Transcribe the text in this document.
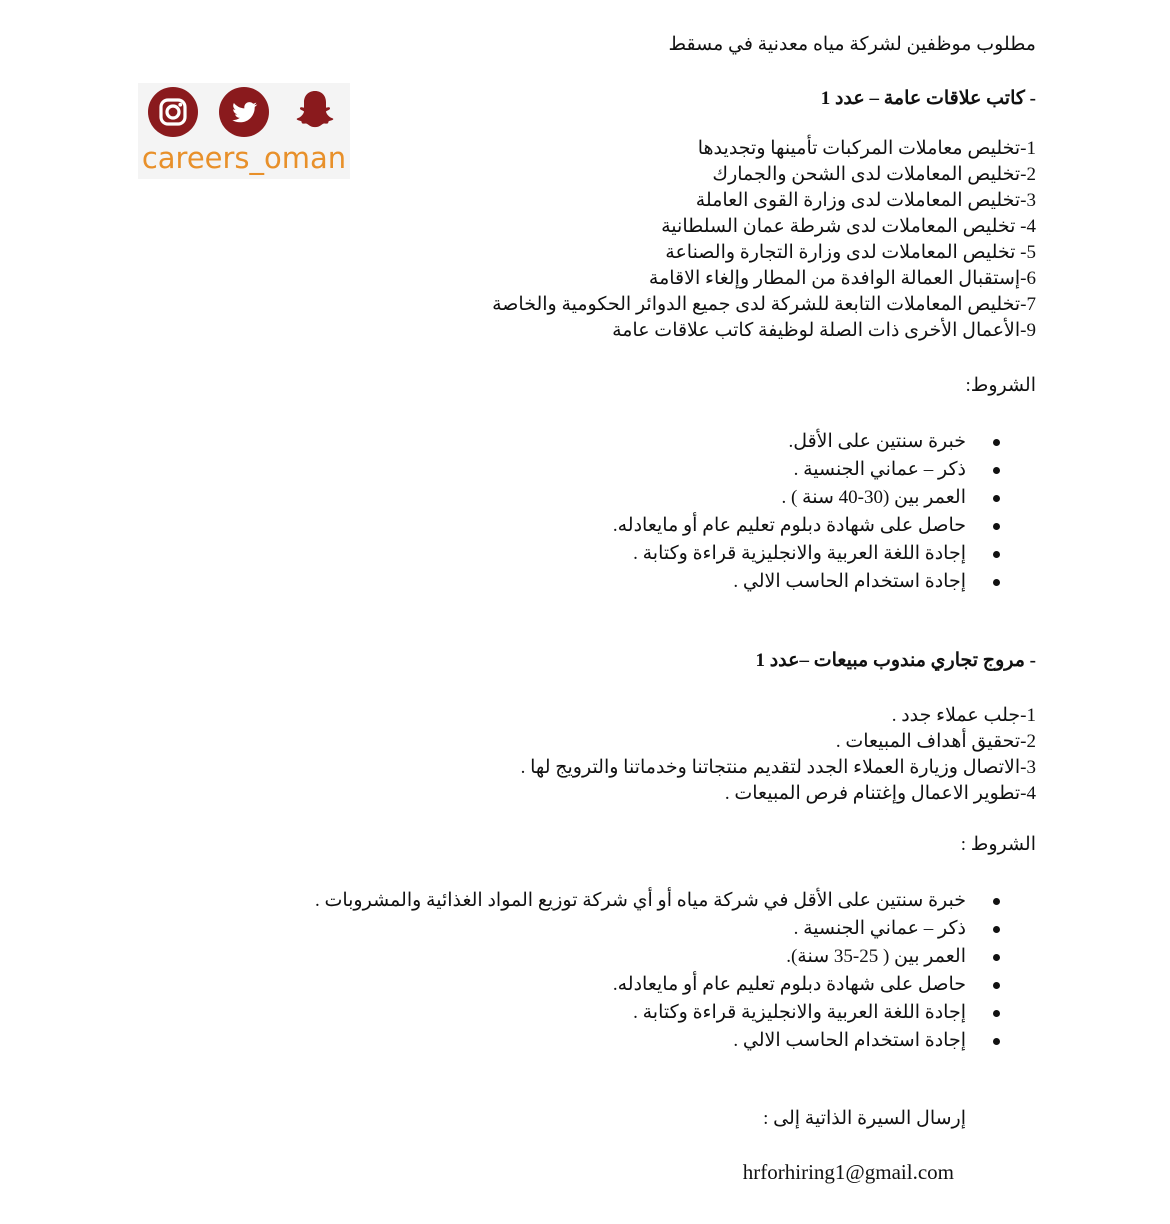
careers_oman
مطلوب موظفين لشركة مياه معدنية في مسقط
- كاتب علاقات عامة – عدد 1
1-تخليص معاملات المركبات تأمينها وتجديدها
2-تخليص المعاملات لدى الشحن والجمارك
3-تخليص المعاملات لدى وزارة القوى العاملة
4- تخليص المعاملات لدى شرطة عمان السلطانية
5- تخليص المعاملات لدى وزارة التجارة والصناعة
6-إستقبال العمالة الوافدة من المطار وإلغاء الاقامة
7-تخليص المعاملات التابعة للشركة لدى جميع الدوائر الحكومية والخاصة
9-الأعمال الأخرى ذات الصلة لوظيفة كاتب علاقات عامة
الشروط:
خبرة سنتين على الأقل.
ذكر – عماني الجنسية .
العمر بين (30-40 سنة ) .
حاصل على شهادة دبلوم تعليم عام أو مايعادله.
إجادة اللغة العربية والانجليزية قراءة وكتابة .
إجادة استخدام الحاسب الالي .
- مروج تجاري مندوب مبيعات –عدد 1
1-جلب عملاء جدد .
2-تحقيق أهداف المبيعات .
3-الاتصال وزيارة العملاء الجدد لتقديم منتجاتنا وخدماتنا والترويج لها .
4-تطوير الاعمال وإغتنام فرص المبيعات .
الشروط :
خبرة سنتين على الأقل في شركة مياه أو أي شركة توزيع المواد الغذائية والمشروبات .
ذكر – عماني الجنسية .
العمر بين ( 25-35 سنة).
حاصل على شهادة دبلوم تعليم عام أو مايعادله.
إجادة اللغة العربية والانجليزية قراءة وكتابة .
إجادة استخدام الحاسب الالي .
إرسال السيرة الذاتية إلى :
hrforhiring1@gmail.com
